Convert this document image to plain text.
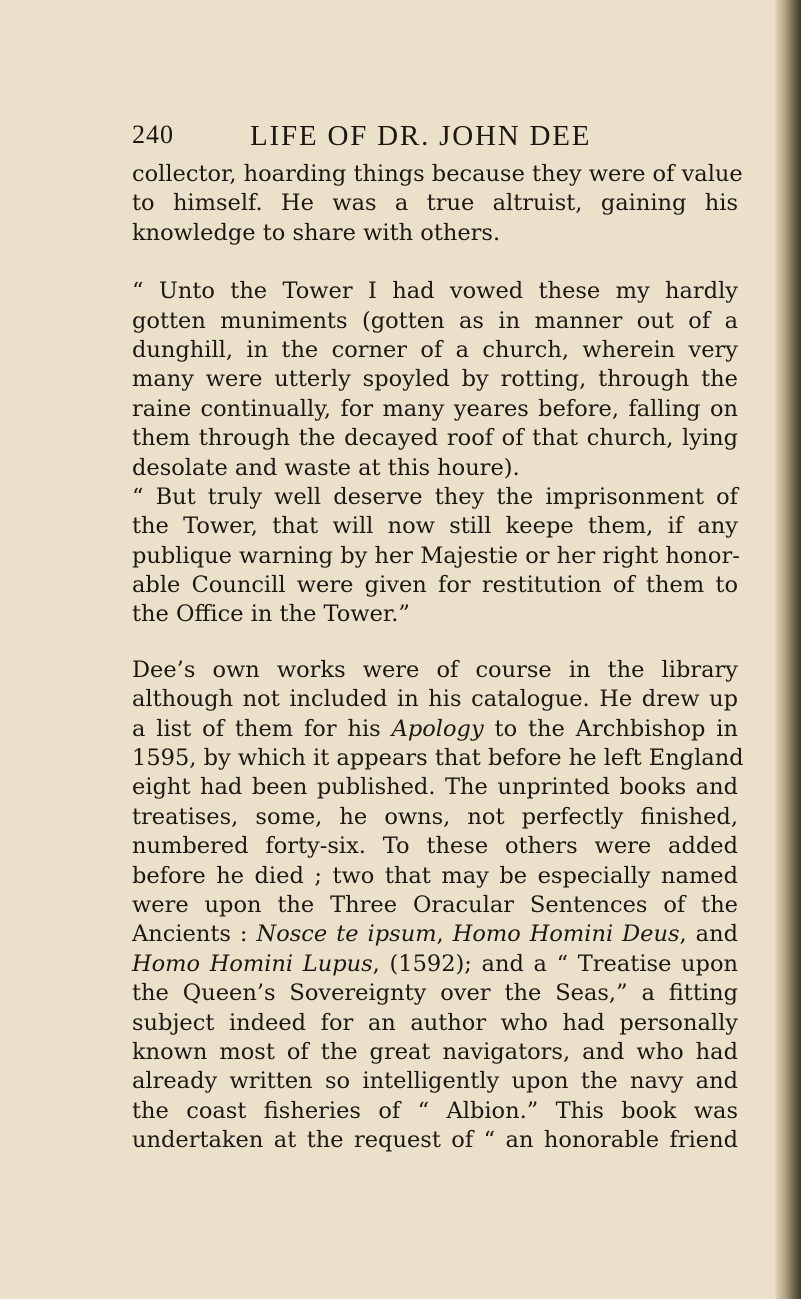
240	LIFE OF DR. JOHN DEE
collector, hoarding things because they were of value
to himself. He was a true altruist, gaining his
knowledge to share with others.
“ Unto the Tower I had vowed these my hardly
gotten muniments (gotten as in manner out of a
dunghill, in the corner of a church, wherein very
many were utterly spoyled by rotting, through the
raine continually, for many yeares before, falling on
them through the decayed roof of that church, lying
desolate and waste at this houre).
“ But truly well deserve they the imprisonment of
the Tower, that will now still keepe them, if any
publique warning by her Majestie or her right honor-
able Councill were given for restitution of them to
the Office in the Tower.”
Dee’s own works were of course in the library
although not included in his catalogue. He drew up
a list of them for his Apology to the Archbishop in
1595, by which it appears that before he left England
eight had been published. The unprinted books and
treatises, some, he owns, not perfectly finished,
numbered forty-six. To these others were added
before he died ; two that may be especially named
were upon the Three Oracular Sentences of the
Ancients : Nosce te ipsum, Homo Homini Deus, and
Homo Homini Lupus, (1592); and a “ Treatise upon
the Queen’s Sovereignty over the Seas,” a fitting
subject indeed for an author who had personally
known most of the great navigators, and who had
already written so intelligently upon the navy and
the coast fisheries of “ Albion.” This book was
undertaken at the request of “ an honorable friend
